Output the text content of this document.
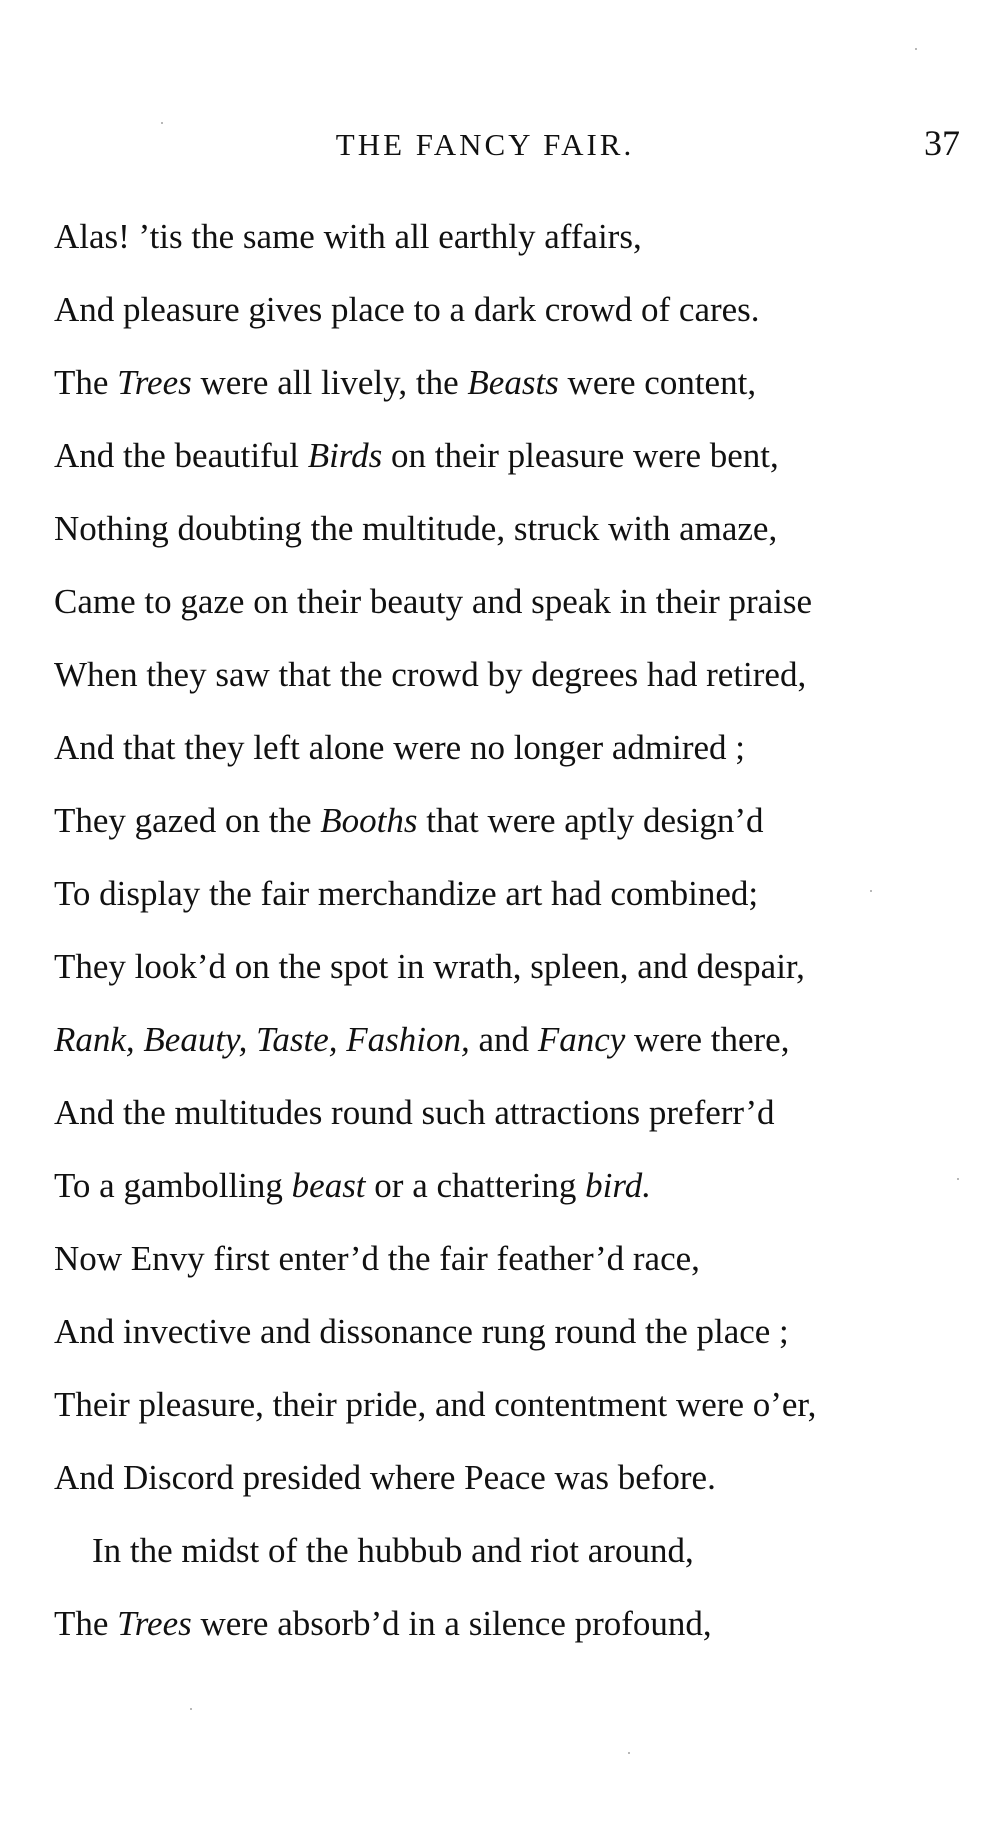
THE FANCY FAIR.	37
Alas! ’tis the same with all earthly affairs,
And pleasure gives place to a dark crowd of cares.
The Trees were all lively, the Beasts were content,
And the beautiful Birds on their pleasure were bent,
Nothing doubting the multitude, struck with amaze,
Came to gaze on their beauty and speak in their praise
When they saw that the crowd by degrees had retired,
And that they left alone were no longer admired ;
They gazed on the Booths that were aptly design’d
To display the fair merchandize art had combined;
They look’d on the spot in wrath, spleen, and despair,
Rank, Beauty, Taste, Fashion, and Fancy were there,
And the multitudes round such attractions preferr’d
To a gambolling beast or a chattering bird.
Now Envy first enter’d the fair feather’d race,
And invective and dissonance rung round the place ;
Their pleasure, their pride, and contentment were o’er,
And Discord presided where Peace was before.
In the midst of the hubbub and riot around,
The Trees were absorb’d in a silence profound,
